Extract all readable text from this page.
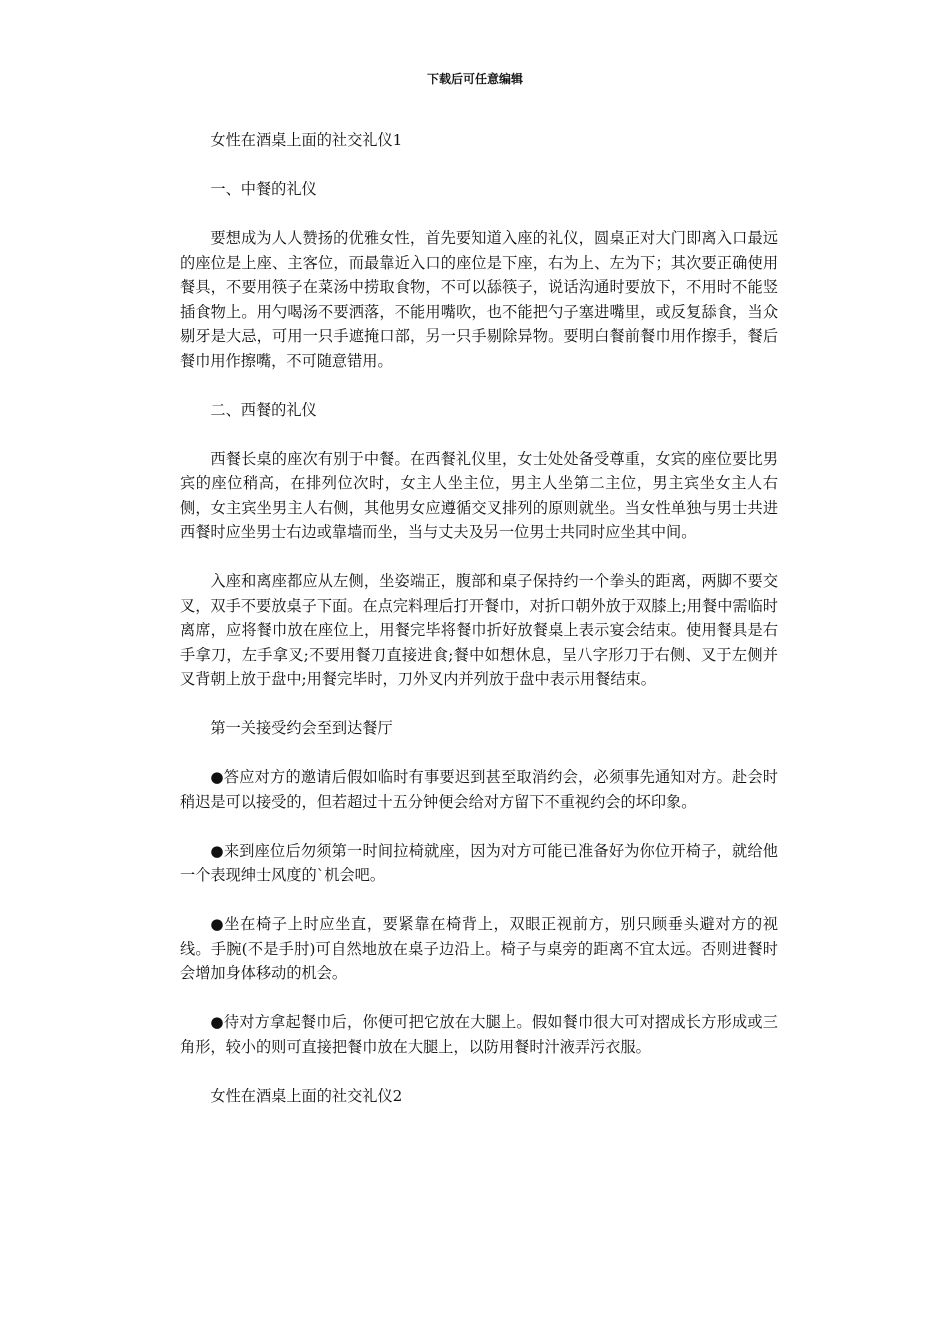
下载后可任意编辑

女性在酒桌上面的社交礼仪1

一、中餐的礼仪

要想成为人人赞扬的优雅女性，首先要知道入座的礼仪，圆桌正对大门即离入口最远的座位是上座、主客位，而最靠近入口的座位是下座，右为上、左为下；其次要正确使用餐具，不要用筷子在菜汤中捞取食物，不可以舔筷子，说话沟通时要放下，不用时不能竖插食物上。用勺喝汤不要洒落，不能用嘴吹，也不能把勺子塞进嘴里，或反复舔食，当众剔牙是大忌，可用一只手遮掩口部，另一只手剔除异物。要明白餐前餐巾用作擦手，餐后餐巾用作擦嘴，不可随意错用。

二、西餐的礼仪

西餐长桌的座次有别于中餐。在西餐礼仪里，女士处处备受尊重，女宾的座位要比男宾的座位稍高，在排列位次时，女主人坐主位，男主人坐第二主位，男主宾坐女主人右侧，女主宾坐男主人右侧，其他男女应遵循交叉排列的原则就坐。当女性单独与男士共进西餐时应坐男士右边或靠墙而坐，当与丈夫及另一位男士共同时应坐其中间。

入座和离座都应从左侧，坐姿端正，腹部和桌子保持约一个拳头的距离，两脚不要交叉，双手不要放桌子下面。在点完料理后打开餐巾，对折口朝外放于双膝上;用餐中需临时离席，应将餐巾放在座位上，用餐完毕将餐巾折好放餐桌上表示宴会结束。使用餐具是右手拿刀，左手拿叉;不要用餐刀直接进食;餐中如想休息，呈八字形刀于右侧、叉于左侧并叉背朝上放于盘中;用餐完毕时，刀外叉内并列放于盘中表示用餐结束。

第一关接受约会至到达餐厅

●答应对方的邀请后假如临时有事要迟到甚至取消约会，必须事先通知对方。赴会时稍迟是可以接受的，但若超过十五分钟便会给对方留下不重视约会的坏印象。

●来到座位后勿须第一时间拉椅就座，因为对方可能已准备好为你位开椅子，就给他一个表现绅士风度的`机会吧。

●坐在椅子上时应坐直，要紧靠在椅背上，双眼正视前方，别只顾垂头避对方的视线。手腕(不是手肘)可自然地放在桌子边沿上。椅子与桌旁的距离不宜太远。否则进餐时会增加身体移动的机会。

●待对方拿起餐巾后，你便可把它放在大腿上。假如餐巾很大可对摺成长方形成或三角形，较小的则可直接把餐巾放在大腿上，以防用餐时汁液弄污衣服。

女性在酒桌上面的社交礼仪2
